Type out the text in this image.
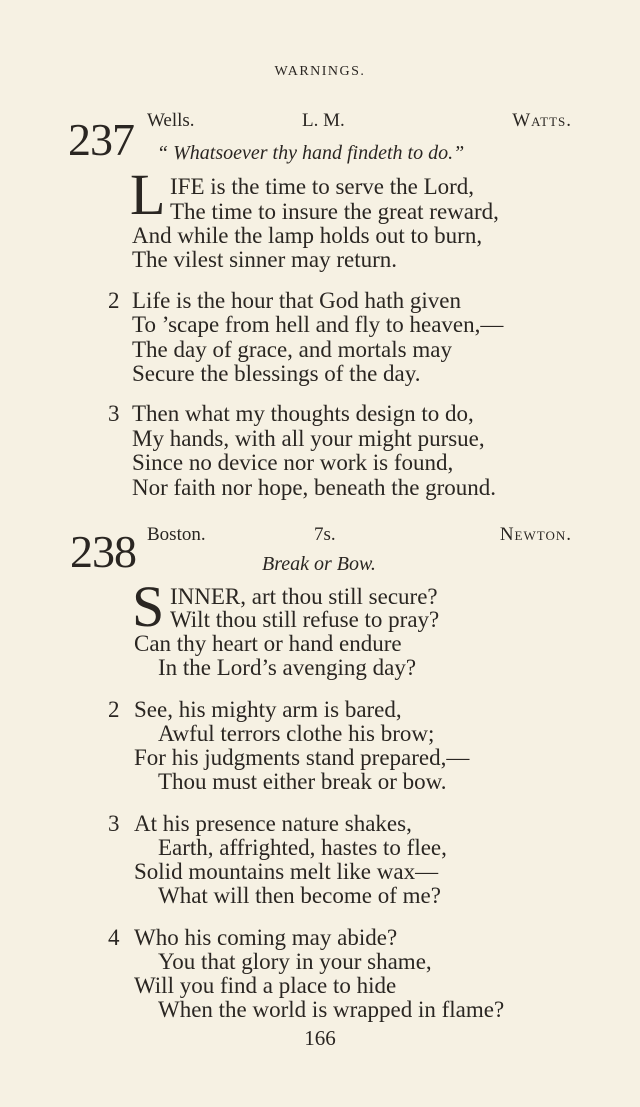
WARNINGS.
237 Wells.	L. M.	Watts.
“ Whatsoever thy hand findeth to do.”
L IFE is the time to serve the Lord,
The time to insure the great reward,
And while the lamp holds out to burn,
The vilest sinner may return.
2 Life is the hour that God hath given
To ’scape from hell and fly to heaven,—
The day of grace, and mortals may
Secure the blessings of the day.
3 Then what my thoughts design to do,
My hands, with all your might pursue,
Since no device nor work is found,
Nor faith nor hope, beneath the ground.
238 Boston.	7s.	Newton.
Break or Bow.
S INNER, art thou still secure?
Wilt thou still refuse to pray?
Can thy heart or hand endure
In the Lord’s avenging day?
2 See, his mighty arm is bared,
Awful terrors clothe his brow;
For his judgments stand prepared,—
Thou must either break or bow.
3 At his presence nature shakes,
Earth, affrighted, hastes to flee,
Solid mountains melt like wax—
What will then become of me?
4 Who his coming may abide?
You that glory in your shame,
Will you find a place to hide
When the world is wrapped in flame?
166
